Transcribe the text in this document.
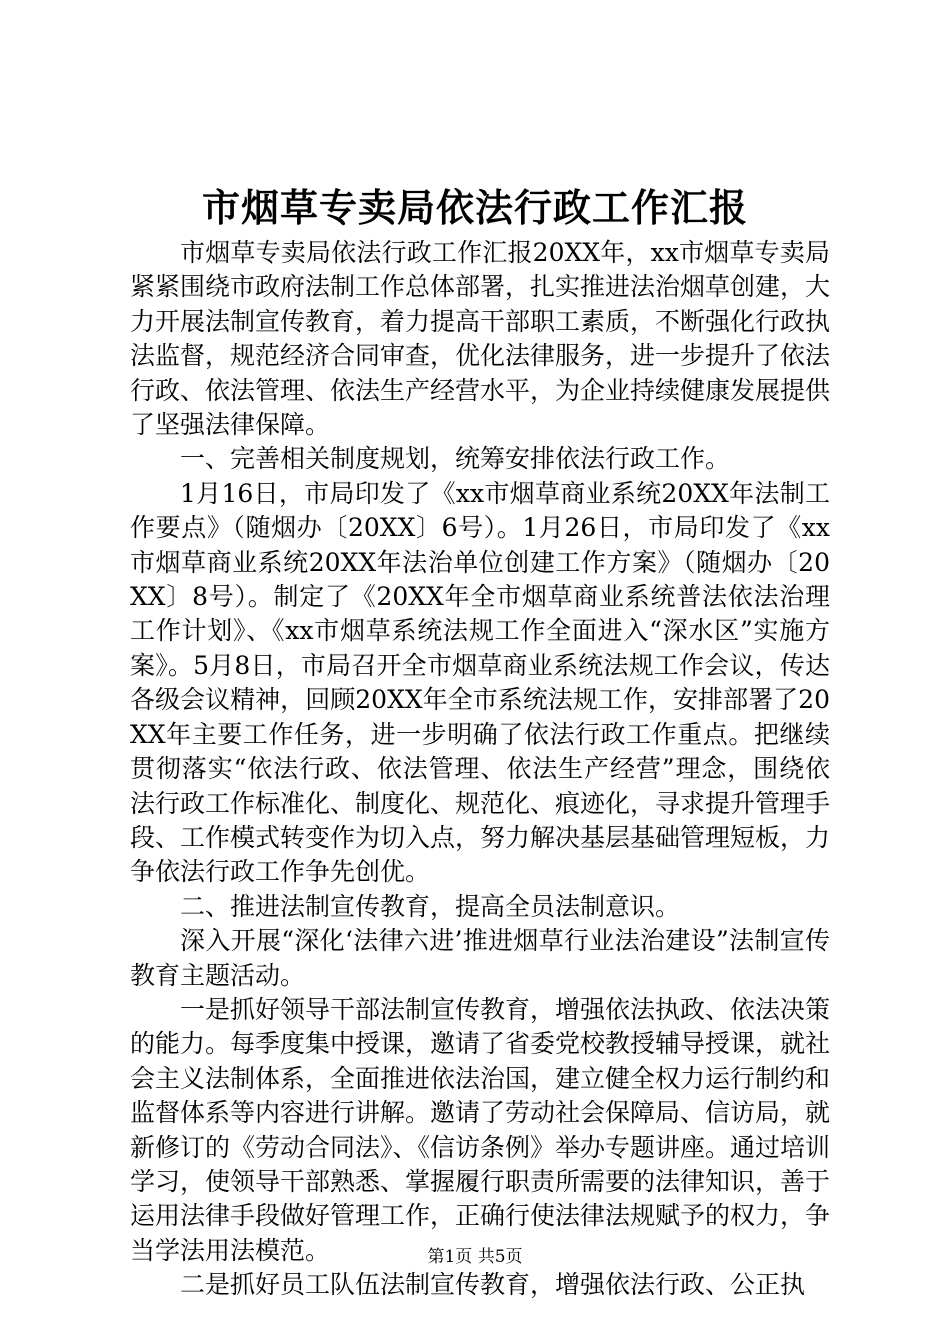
市烟草专卖局依法行政工作汇报

市烟草专卖局依法行政工作汇报20XX年，xx市烟草专卖局紧紧围绕市政府法制工作总体部署，扎实推进法治烟草创建，大力开展法制宣传教育，着力提高干部职工素质，不断强化行政执法监督，规范经济合同审查，优化法律服务，进一步提升了依法行政、依法管理、依法生产经营水平，为企业持续健康发展提供了坚强法律保障。

一、完善相关制度规划，统筹安排依法行政工作。

1月16日，市局印发了《xx市烟草商业系统20XX年法制工作要点》（随烟办〔20XX〕6号）。1月26日，市局印发了《xx市烟草商业系统20XX年法治单位创建工作方案》（随烟办〔20XX〕8号）。制定了《20XX年全市烟草商业系统普法依法治理工作计划》、《xx市烟草系统法规工作全面进入“深水区”实施方案》。5月8日，市局召开全市烟草商业系统法规工作会议，传达各级会议精神，回顾20XX年全市系统法规工作，安排部署了20XX年主要工作任务，进一步明确了依法行政工作重点。把继续贯彻落实“依法行政、依法管理、依法生产经营”理念，围绕依法行政工作标准化、制度化、规范化、痕迹化，寻求提升管理手段、工作模式转变作为切入点，努力解决基层基础管理短板，力争依法行政工作争先创优。

二、推进法制宣传教育，提高全员法制意识。

深入开展“深化‘法律六进’推进烟草行业法治建设”法制宣传教育主题活动。

一是抓好领导干部法制宣传教育，增强依法执政、依法决策的能力。每季度集中授课，邀请了省委党校教授辅导授课，就社会主义法制体系，全面推进依法治国，建立健全权力运行制约和监督体系等内容进行讲解。邀请了劳动社会保障局、信访局，就新修订的《劳动合同法》、《信访条例》举办专题讲座。通过培训学习，使领导干部熟悉、掌握履行职责所需要的法律知识，善于运用法律手段做好管理工作，正确行使法律法规赋予的权力，争当学法用法模范。

二是抓好员工队伍法制宣传教育，增强依法行政、公正执

第1页 共5页
